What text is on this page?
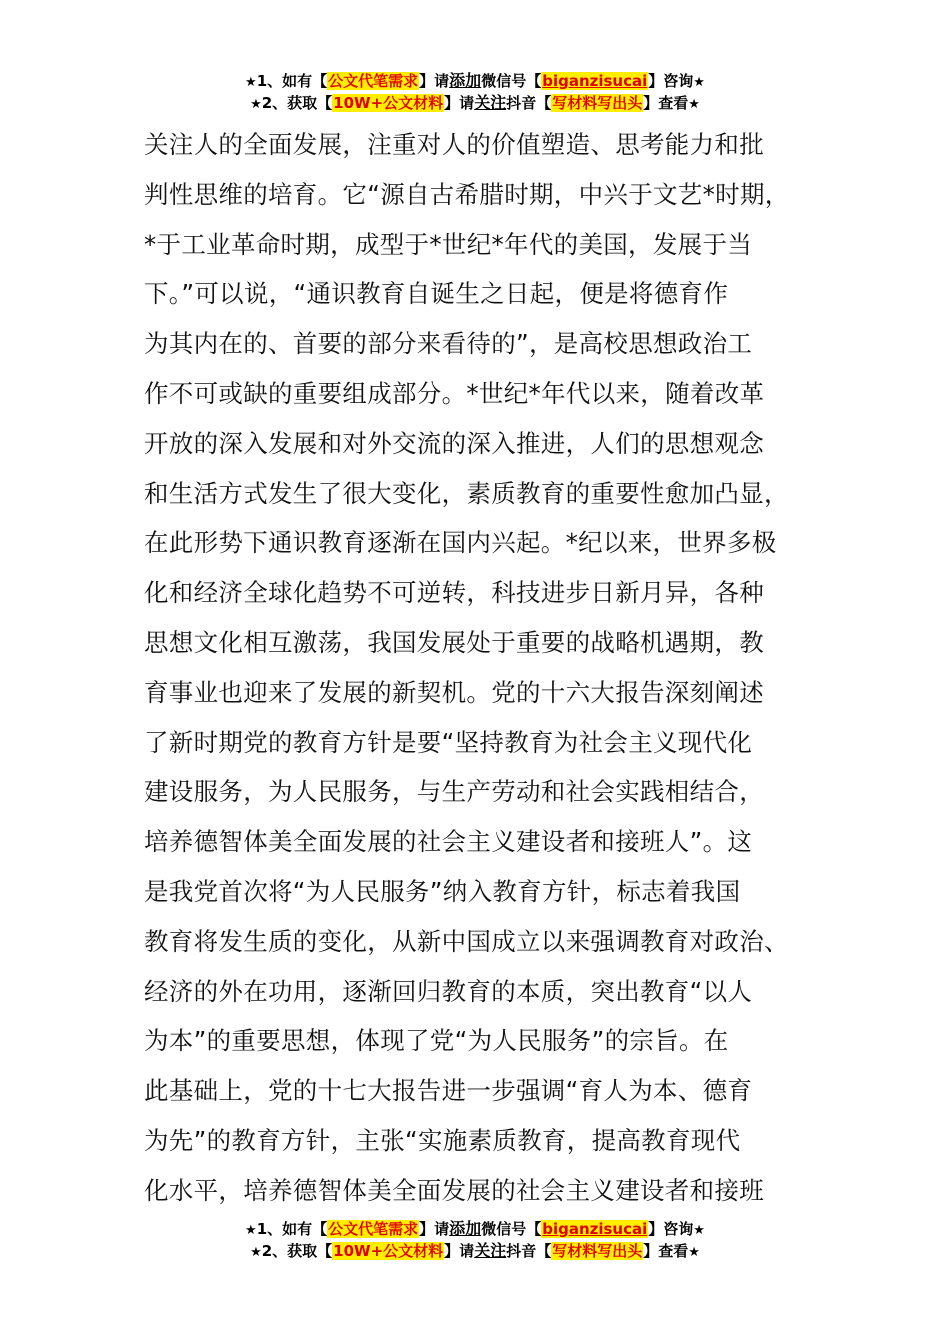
★1、如有【公文代笔需求】请添加微信号【biganzisucai】咨询★
★2、获取【10W+公文材料】请关注抖音【写材料写出头】查看★
关注人的全面发展，注重对人的价值塑造、思考能力和批
判性思维的培育。它“源自古希腊时期，中兴于文艺*时期，
*于工业革命时期，成型于*世纪*年代的美国，发展于当
下。”可以说，“通识教育自诞生之日起，便是将德育作
为其内在的、首要的部分来看待的”，是高校思想政治工
作不可或缺的重要组成部分。*世纪*年代以来，随着改革
开放的深入发展和对外交流的深入推进，人们的思想观念
和生活方式发生了很大变化，素质教育的重要性愈加凸显，
在此形势下通识教育逐渐在国内兴起。*纪以来，世界多极
化和经济全球化趋势不可逆转，科技进步日新月异，各种
思想文化相互激荡，我国发展处于重要的战略机遇期，教
育事业也迎来了发展的新契机。党的十六大报告深刻阐述
了新时期党的教育方针是要“坚持教育为社会主义现代化
建设服务，为人民服务，与生产劳动和社会实践相结合，
培养德智体美全面发展的社会主义建设者和接班人”。这
是我党首次将“为人民服务”纳入教育方针，标志着我国
教育将发生质的变化，从新中国成立以来强调教育对政治、
经济的外在功用，逐渐回归教育的本质，突出教育“以人
为本”的重要思想，体现了党“为人民服务”的宗旨。在
此基础上，党的十七大报告进一步强调“育人为本、德育
为先”的教育方针，主张“实施素质教育，提高教育现代
化水平，培养德智体美全面发展的社会主义建设者和接班
★1、如有【公文代笔需求】请添加微信号【biganzisucai】咨询★
★2、获取【10W+公文材料】请关注抖音【写材料写出头】查看★
